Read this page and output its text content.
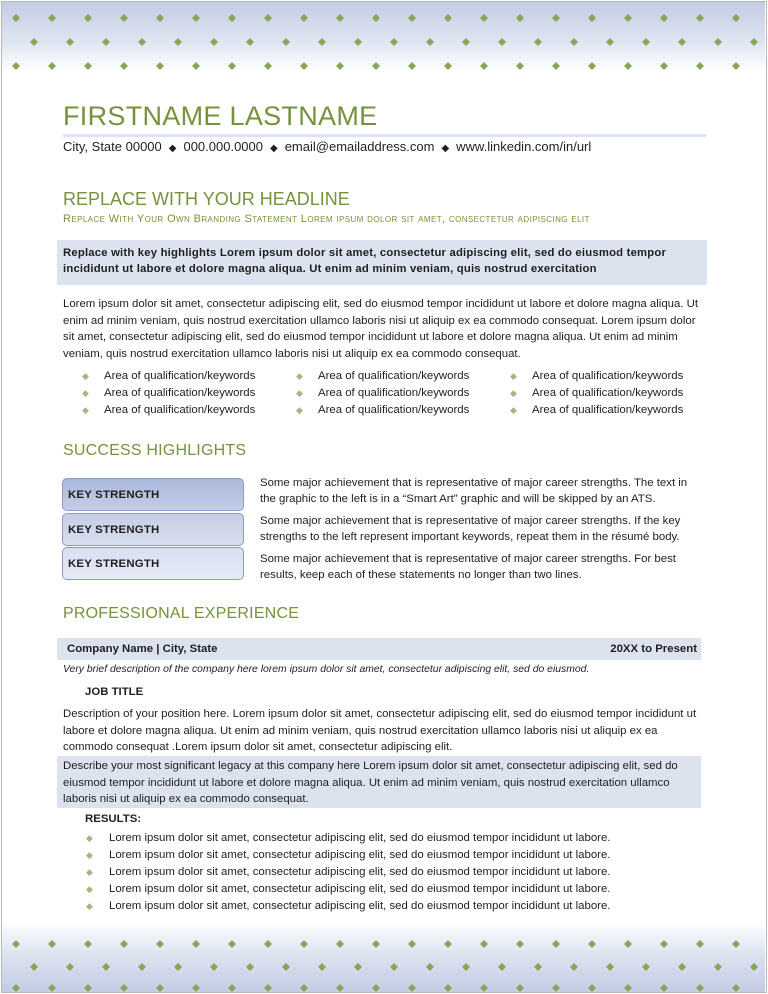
FIRSTNAME LASTNAME
City, State 00000 ◆ 000.000.0000 ◆ email@emailaddress.com ◆ www.linkedin.com/in/url
REPLACE WITH YOUR HEADLINE
Replace With Your Own Branding Statement Lorem ipsum dolor sit amet, consectetur adipiscing elit
Replace with key highlights Lorem ipsum dolor sit amet, consectetur adipiscing elit, sed do eiusmod tempor
incididunt ut labore et dolore magna aliqua. Ut enim ad minim veniam, quis nostrud exercitation
Lorem ipsum dolor sit amet, consectetur adipiscing elit, sed do eiusmod tempor incididunt ut labore et dolore magna aliqua. Ut enim ad minim veniam, quis nostrud exercitation ullamco laboris nisi ut aliquip ex ea commodo consequat. Lorem ipsum dolor sit amet, consectetur adipiscing elit, sed do eiusmod tempor incididunt ut labore et dolore magna aliqua. Ut enim ad minim veniam, quis nostrud exercitation ullamco laboris nisi ut aliquip ex ea commodo consequat.
◆	Area of qualification/keywords	◆	Area of qualification/keywords	◆	Area of qualification/keywords
◆	Area of qualification/keywords	◆	Area of qualification/keywords	◆	Area of qualification/keywords
◆	Area of qualification/keywords	◆	Area of qualification/keywords	◆	Area of qualification/keywords
SUCCESS HIGHLIGHTS
KEY STRENGTH
KEY STRENGTH
KEY STRENGTH
Some major achievement that is representative of major career strengths. The text in the graphic to the left is in a “Smart Art” graphic and will be skipped by an ATS.
Some major achievement that is representative of major career strengths. If the key strengths to the left represent important keywords, repeat them in the résumé body.
Some major achievement that is representative of major career strengths. For best results, keep each of these statements no longer than two lines.
PROFESSIONAL EXPERIENCE
Company Name | City, State	20XX to Present
Very brief description of the company here lorem ipsum dolor sit amet, consectetur adipiscing elit, sed do eiusmod.
JOB TITLE
Description of your position here. Lorem ipsum dolor sit amet, consectetur adipiscing elit, sed do eiusmod tempor incididunt ut labore et dolore magna aliqua. Ut enim ad minim veniam, quis nostrud exercitation ullamco laboris nisi ut aliquip ex ea commodo consequat .Lorem ipsum dolor sit amet, consectetur adipiscing elit.
Describe your most significant legacy at this company here Lorem ipsum dolor sit amet, consectetur adipiscing elit, sed do eiusmod tempor incididunt ut labore et dolore magna aliqua. Ut enim ad minim veniam, quis nostrud exercitation ullamco laboris nisi ut aliquip ex ea commodo consequat.
RESULTS:
◆ Lorem ipsum dolor sit amet, consectetur adipiscing elit, sed do eiusmod tempor incididunt ut labore.
◆ Lorem ipsum dolor sit amet, consectetur adipiscing elit, sed do eiusmod tempor incididunt ut labore.
◆ Lorem ipsum dolor sit amet, consectetur adipiscing elit, sed do eiusmod tempor incididunt ut labore.
◆ Lorem ipsum dolor sit amet, consectetur adipiscing elit, sed do eiusmod tempor incididunt ut labore.
◆ Lorem ipsum dolor sit amet, consectetur adipiscing elit, sed do eiusmod tempor incididunt ut labore.
